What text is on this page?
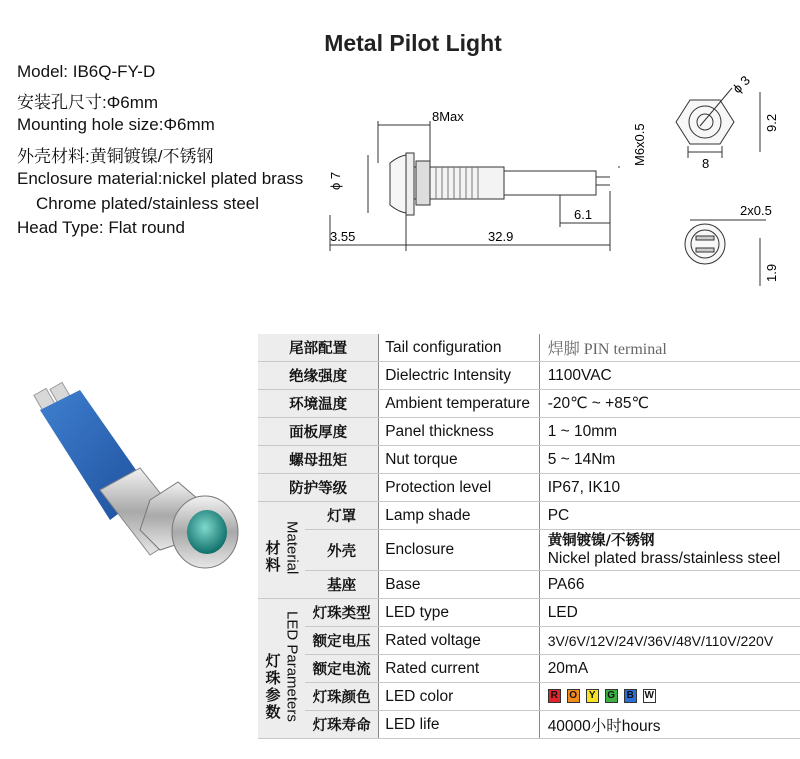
Metal Pilot Light
Model: IB6Q-FY-D
安装孔尺寸:Φ6mm
Mounting hole size:Φ6mm
外壳材料:黄铜镀镍/不锈钢
Enclosure material:nickel plated brass
Chrome plated/stainless steel
Head Type: Flat round
8Max
ϕ 7
3.55	32.9
6.1
M6x0.5
ϕ 3
9.2
8
2x0.5
1.9
尾部配置		Tail configuration	焊脚 PIN terminal
绝缘强度		Dielectric Intensity	1100VAC
环境温度		Ambient temperature	-20℃ ~ +85℃
面板厚度		Panel thickness	1 ~ 10mm
螺母扭矩		Nut torque	5 ~ 14Nm
防护等级		Protection level	IP67, IK10
材料 Material	灯罩	Lamp shade	PC
	外壳	Enclosure	黄铜镀镍/不锈钢
Nickel plated brass/stainless steel

	基座	Base	PA66
灯珠参数 LED Parameters	灯珠类型	LED type	LED
	额定电压	Rated voltage	3V/6V/12V/24V/36V/48V/110V/220V
	额定电流	Rated current	20mA
	灯珠颜色	LED color	R O Y G B W
	灯珠寿命	LED life	40000小时hours
